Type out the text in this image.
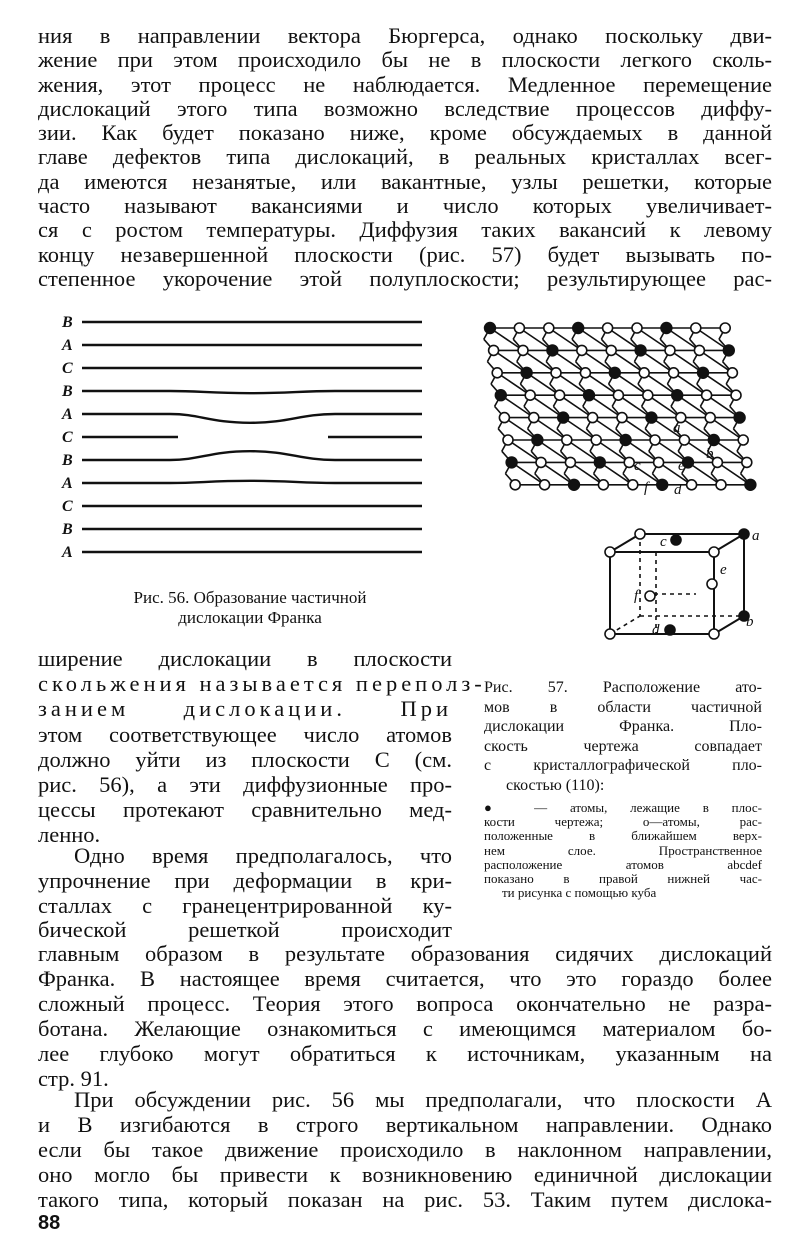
ния в направлении вектора Бюргерса, однако поскольку дви-
жение при этом происходило бы не в плоскости легкого сколь-
жения, этот процесс не наблюдается. Медленное перемещение
дислокаций этого типа возможно вследствие процессов диффу-
зии. Как будет показано ниже, кроме обсуждаемых в данной
главе дефектов типа дислокаций, в реальных кристаллах всег-
да имеются незанятые, или вакантные, узлы решетки, которые
часто называют вакансиями и число которых увеличивает-
ся с ростом температуры. Диффузия таких вакансий к левому
концу незавершенной плоскости (рис. 57) будет вызывать по-
степенное укорочение этой полуплоскости; результирующее рас-
B
A
C
B
A
C
B
A
C
B
A
Рис. 56. Образование частичной
дислокации Франка
a
b
c e
f d
a
b
c
d
e
f
Рис. 57. Расположение ато-
мов в области частичной
дислокации Франка. Пло-
скость чертежа совпадает
с кристаллографической пло-
скостью (110):
● — атомы, лежащие в плос-
кости чертежа; о—атомы, рас-
положенные в ближайшем верх-
нем слое. Пространственное
расположение атомов abcdef
показано в правой нижней час-
ти рисунка с помощью куба
ширение дислокации в плоскости
скольжения называется переполз-
занием дислокации. При
этом соответствующее число атомов
должно уйти из плоскости C (см.
рис. 56), а эти диффузионные про-
цессы протекают сравнительно мед-
ленно.
Одно время предполагалось, что
упрочнение при деформации в кри-
сталлах с гранецентрированной ку-
бической решеткой происходит
главным образом в результате образования сидячих дислокаций
Франка. В настоящее время считается, что это гораздо более
сложный процесс. Теория этого вопроса окончательно не разра-
ботана. Желающие ознакомиться с имеющимся материалом бо-
лее глубоко могут обратиться к источникам, указанным на
стр. 91.
При обсуждении рис. 56 мы предполагали, что плоскости A
и B изгибаются в строго вертикальном направлении. Однако
если бы такое движение происходило в наклонном направлении,
оно могло бы привести к возникновению единичной дислокации
такого типа, который показан на рис. 53. Таким путем дислока-
88
